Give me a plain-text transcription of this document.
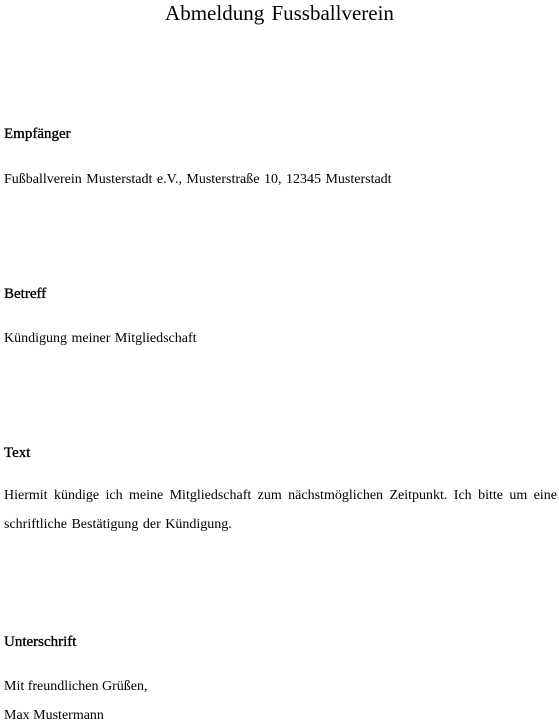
Abmeldung Fussballverein
Empfänger

Fußballverein Musterstadt e.V., Musterstraße 10, 12345 Musterstadt

Betreff

Kündigung meiner Mitgliedschaft

Text

Hiermit kündige ich meine Mitgliedschaft zum nächstmöglichen Zeitpunkt. Ich bitte um eine schriftliche Bestätigung der Kündigung.

Unterschrift

Mit freundlichen Grüßen,

Max Mustermann
